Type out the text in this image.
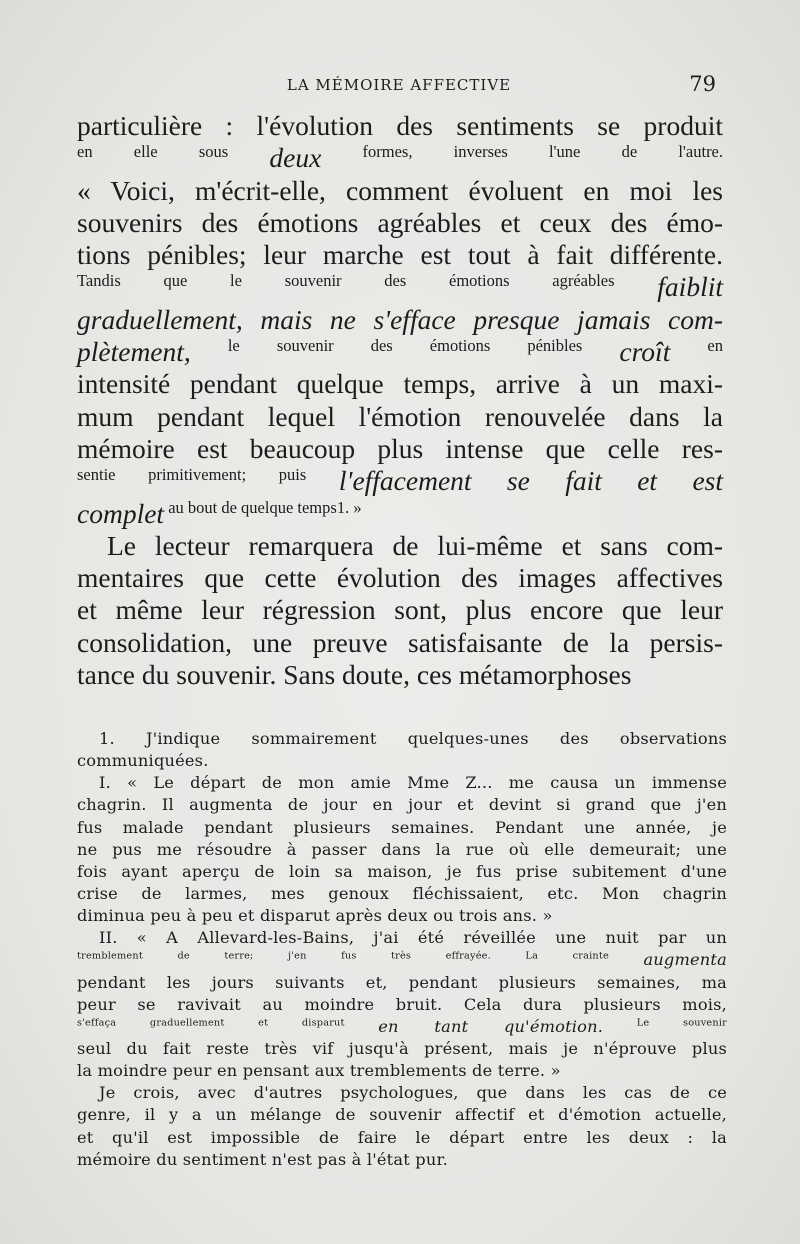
LA MÉMOIRE AFFECTIVE	79
particulière : l'évolution des sentiments se produit
$^{en elle sous}$ deux $^{formes, inverses l'une de l'autre.}$
« Voici, m'écrit-elle, comment évoluent en moi les
souvenirs des émotions agréables et ceux des émo-
tions pénibles; leur marche est tout à fait différente.
$^{Tandis que le souvenir des émotions agréables}$ faiblit
graduellement, mais ne s'efface presque jamais com-
plètement, $^{le souvenir des émotions pénibles}$ croît $^{en}$
intensité pendant quelque temps, arrive à un maxi-
mum pendant lequel l'émotion renouvelée dans la
mémoire est beaucoup plus intense que celle res-
$^{sentie primitivement; puis}$ l'effacement se fait et est
complet $^{au bout de quelque temps1. »}$
Le lecteur remarquera de lui-même et sans com-
mentaires que cette évolution des images affectives
et même leur régression sont, plus encore que leur
consolidation, une preuve satisfaisante de la persis-
tance du souvenir. Sans doute, ces métamorphoses
1. J'indique sommairement quelques-unes des observations
communiquées.
I. « Le départ de mon amie Mme Z... me causa un immense
chagrin. Il augmenta de jour en jour et devint si grand que j'en
fus malade pendant plusieurs semaines. Pendant une année, je
ne pus me résoudre à passer dans la rue où elle demeurait; une
fois ayant aperçu de loin sa maison, je fus prise subitement d'une
crise de larmes, mes genoux fléchissaient, etc. Mon chagrin
diminua peu à peu et disparut après deux ou trois ans. »
II. « A Allevard-les-Bains, j'ai été réveillée une nuit par un
$^{tremblement de terre; j'en fus très effrayée. La crainte}$ augmenta
pendant les jours suivants et, pendant plusieurs semaines, ma
peur se ravivait au moindre bruit. Cela dura plusieurs mois,
$^{s'effaça graduellement et disparut}$ en tant qu'émotion. $^{Le souvenir}$
seul du fait reste très vif jusqu'à présent, mais je n'éprouve plus
la moindre peur en pensant aux tremblements de terre. »
Je crois, avec d'autres psychologues, que dans les cas de ce
genre, il y a un mélange de souvenir affectif et d'émotion actuelle,
et qu'il est impossible de faire le départ entre les deux : la
mémoire du sentiment n'est pas à l'état pur.
